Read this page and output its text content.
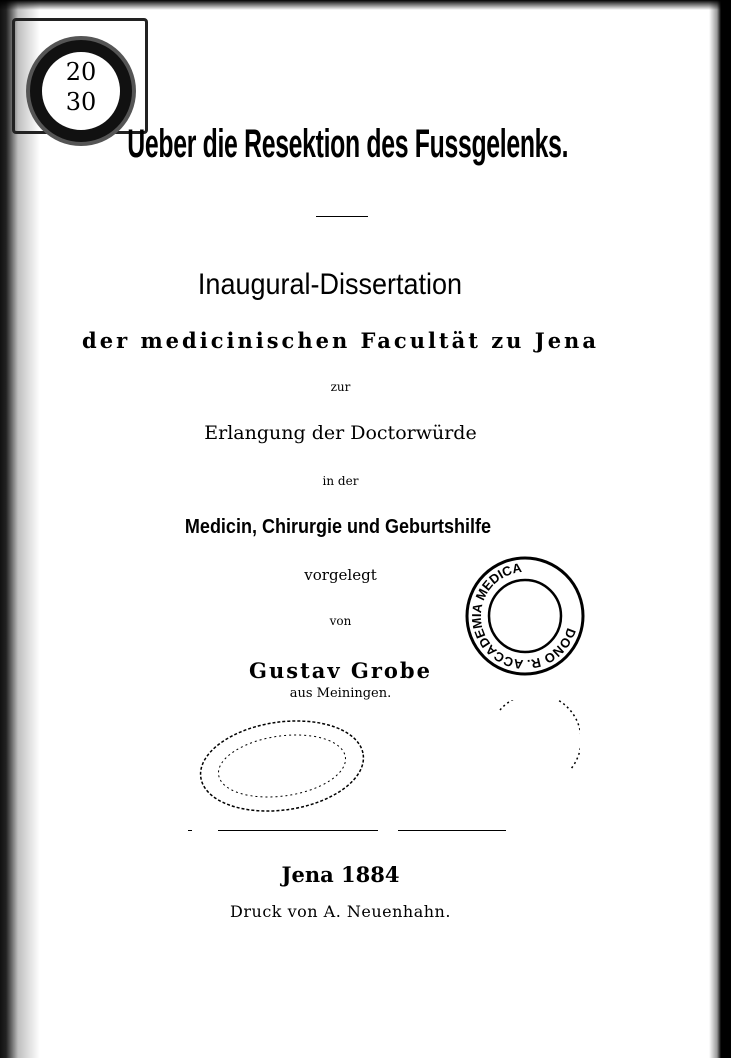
20
30
Ueber die Resektion des Fussgelenks.
Inaugural-Dissertation
der medicinischen Facultät zu Jena
zur
Erlangung der Doctorwürde
in der
Medicin, Chirurgie und Geburtshilfe
vorgelegt
von
Gustav Grobe
aus Meiningen.
DONO R. ACCADEMIA MEDICA
Jena 1884
Druck von A. Neuenhahn.
